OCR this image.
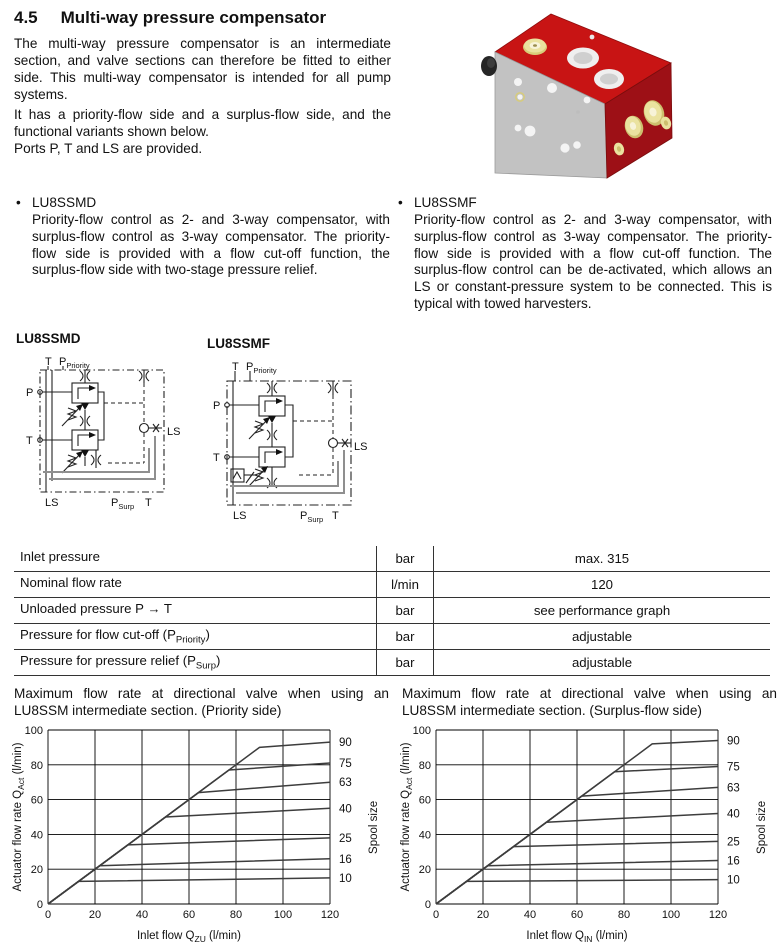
4.5 Multi-way pressure compensator

The multi-way pressure compensator is an intermediate section, and valve sections can therefore be fitted to either side. This multi-way compensator is intended for all pump systems.

It has a priority-flow side and a surplus-flow side, and the functional variants shown below.

Ports P, T and LS are provided.

• LU8SSMD
Priority-flow control as 2- and 3-way compensator, with surplus-flow control as 3-way compensator. The priority-flow side is provided with a flow cut-off function, the surplus-flow side with two-stage pressure relief.
• LU8SSMF
Priority-flow control as 2- and 3-way compensator, with surplus-flow control as 3-way compensator. The priority-flow side is provided with a flow cut-off function. The surplus-flow control can be de-activated, which allows an LS or constant-pressure system to be connected. This is typical with towed harvesters.
LU8SSMD	LU8SSMF
T $P_{Priority}$
P
T
LS
LS	$P_{Surp}$ T
T $P_{Priority}$
P
T
LS
LS	$P_{Surp}$ T
Inlet pressure	bar	max. 315
Nominal flow rate	l/min	120
Unloaded pressure P → T	bar	see performance graph
Pressure for flow cut-off $(P_{Priority})$	bar	adjustable
Pressure for pressure relief $(P_{Surp})$	bar	adjustable
Maximum flow rate at directional valve when using an LU8SSM intermediate section. (Priority side)
Maximum flow rate at directional valve when using an LU8SSM intermediate section. (Surplus-flow side)
0	20	40	60	80	100	120
0
20
40
60
80
100
90
75
63
40
25
16
10
Inlet flow $Q_{ZU}$ (l/min)
Actuator flow rate $Q_{Act}$ (l/min)
Spool size
0	20	40	60	80	100	120
0
20
40
60
80
100
90
75
63
40
25
16
10
Inlet flow $Q_{IN}$ (l/min)
Actuator flow rate $Q_{Act}$ (l/min)
Spool size
